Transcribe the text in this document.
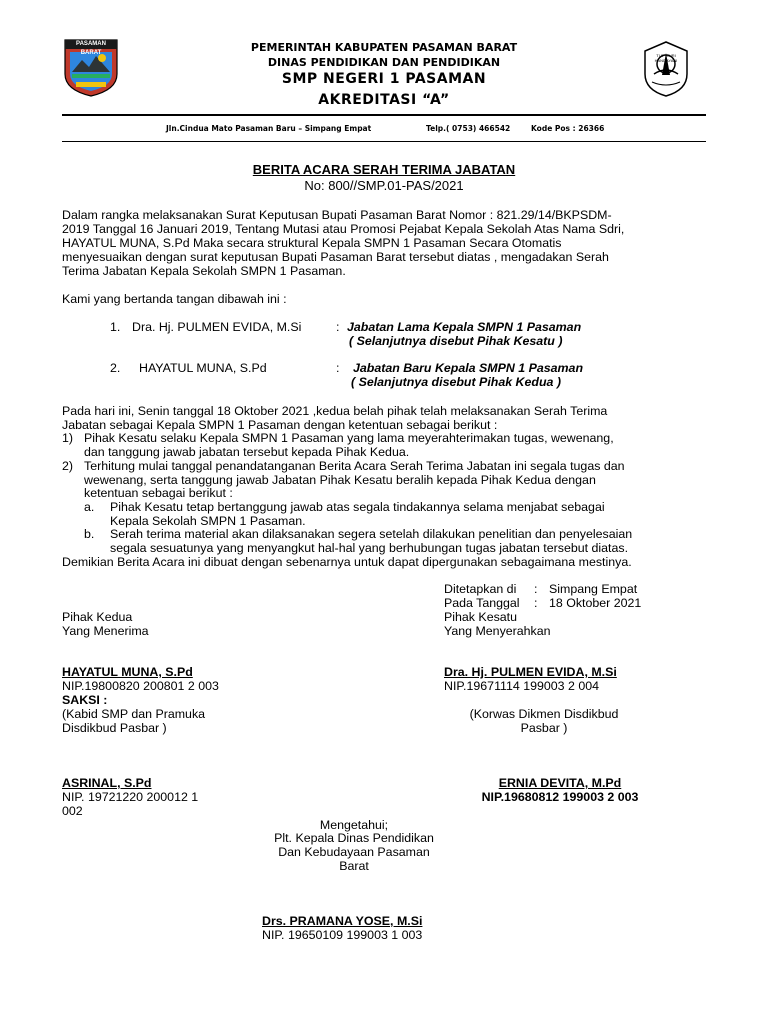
PASAMAN BARAT	PEMERINTAH KABUPATEN PASAMAN BARAT
DINAS PENDIDIKAN DAN PENDIDIKAN
SMP NEGERI 1 PASAMAN
AKREDITASI “A”
TUT WURI HANDAYANI
Jln.Cindua Mato Pasaman Baru – Simpang Empat	Telp.( 0753) 466542	Kode Pos : 26366
BERITA ACARA SERAH TERIMA JABATAN
No: 800//SMP.01-PAS/2021
Dalam rangka melaksanakan Surat Keputusan Bupati Pasaman Barat Nomor : 821.29/14/BKPSDM-
2019 Tanggal 16 Januari 2019, Tentang Mutasi atau Promosi Pejabat Kepala Sekolah Atas Nama Sdri,
HAYATUL MUNA, S.Pd Maka secara struktural Kepala SMPN 1 Pasaman Secara Otomatis
menyesuaikan dengan surat keputusan Bupati Pasaman Barat tersebut diatas , mengadakan Serah
Terima Jabatan Kepala Sekolah SMPN 1 Pasaman.
Kami yang bertanda tangan dibawah ini :
1. Dra. Hj. PULMEN EVIDA, M.Si	: Jabatan Lama Kepala SMPN 1 Pasaman
( Selanjutnya disebut Pihak Kesatu )
2. HAYATUL MUNA, S.Pd	: Jabatan Baru Kepala SMPN 1 Pasaman
( Selanjutnya disebut Pihak Kedua )
Pada hari ini, Senin tanggal 18 Oktober 2021 ,kedua belah pihak telah melaksanakan Serah Terima
Jabatan sebagai Kepala SMPN 1 Pasaman dengan ketentuan sebagai berikut :
1) Pihak Kesatu selaku Kepala SMPN 1 Pasaman yang lama meyerahterimakan tugas, wewenang,
dan tanggung jawab jabatan tersebut kepada Pihak Kedua.
2) Terhitung mulai tanggal penandatanganan Berita Acara Serah Terima Jabatan ini segala tugas dan
wewenang, serta tanggung jawab Jabatan Pihak Kesatu beralih kepada Pihak Kedua dengan
ketentuan sebagai berikut :
a. Pihak Kesatu tetap bertanggung jawab atas segala tindakannya selama menjabat sebagai
Kepala Sekolah SMPN 1 Pasaman.
b. Serah terima material akan dilaksanakan segera setelah dilakukan penelitian dan penyelesaian
segala sesuatunya yang menyangkut hal-hal yang berhubungan tugas jabatan tersebut diatas.
Demikian Berita Acara ini dibuat dengan sebenarnya untuk dapat dipergunakan sebagaimana mestinya.
Ditetapkan di : Simpang Empat
Pada Tanggal : 18 Oktober 2021
Pihak Kedua
Yang Menerima
Pihak Kesatu
Yang Menyerahkan
HAYATUL MUNA, S.Pd
NIP.19800820 200801 2 003
Dra. Hj. PULMEN EVIDA, M.Si
NIP.19671114 199003 2 004
SAKSI :
(Kabid SMP dan Pramuka
Disdikbud Pasbar )
(Korwas Dikmen Disdikbud
Pasbar )
ASRINAL, S.Pd
NIP. 19721220 200012 1
002
ERNIA DEVITA, M.Pd
NIP.19680812 199003 2 003
Mengetahui;
Plt. Kepala Dinas Pendidikan
Dan Kebudayaan Pasaman
Barat
Drs. PRAMANA YOSE, M.Si
NIP. 19650109 199003 1 003
